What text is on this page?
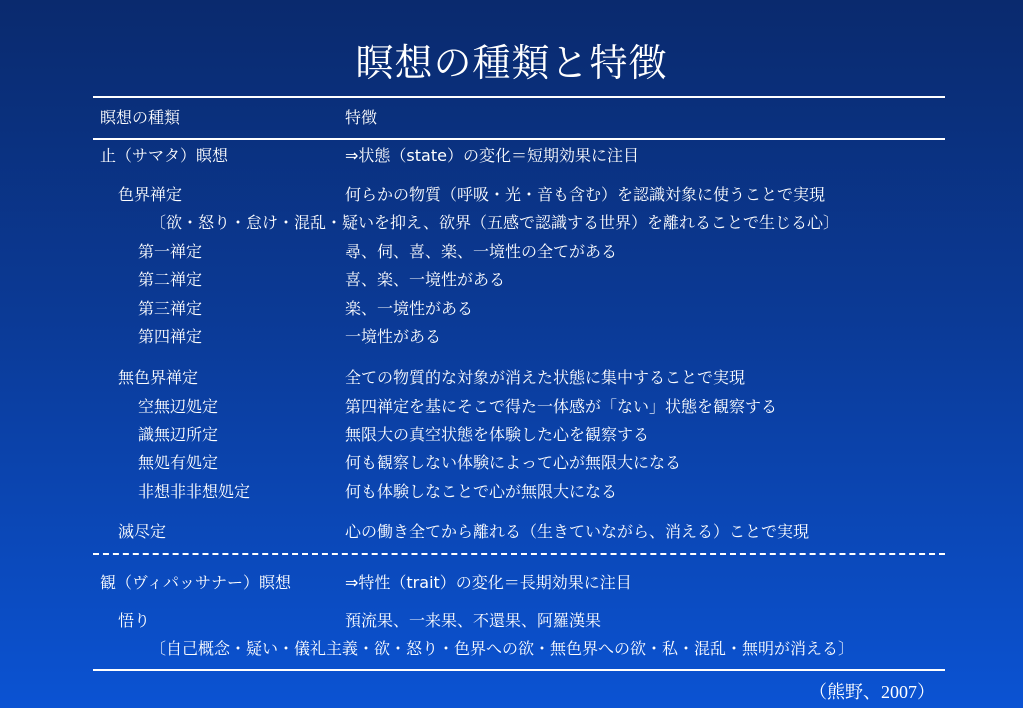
瞑想の種類と特徴
瞑想の種類	特徴
止（サマタ）瞑想	⇒状態（state）の変化＝短期効果に注目
色界禅定	何らかの物質（呼吸・光・音も含む）を認識対象に使うことで実現
〔欲・怒り・怠け・混乱・疑いを抑え、欲界（五感で認識する世界）を離れることで生じる心〕
第一禅定	尋、伺、喜、楽、一境性の全てがある
第二禅定	喜、楽、一境性がある
第三禅定	楽、一境性がある
第四禅定	一境性がある
無色界禅定	全ての物質的な対象が消えた状態に集中することで実現
空無辺処定	第四禅定を基にそこで得た一体感が「ない」状態を観察する
識無辺所定	無限大の真空状態を体験した心を観察する
無処有処定	何も観察しない体験によって心が無限大になる
非想非非想処定	何も体験しなことで心が無限大になる
滅尽定	心の働き全てから離れる（生きていながら、消える）ことで実現
観（ヴィパッサナー）瞑想	⇒特性（trait）の変化＝長期効果に注目
悟り	預流果、一来果、不還果、阿羅漢果
〔自己概念・疑い・儀礼主義・欲・怒り・色界への欲・無色界への欲・私・混乱・無明が消える〕
（熊野、2007）
